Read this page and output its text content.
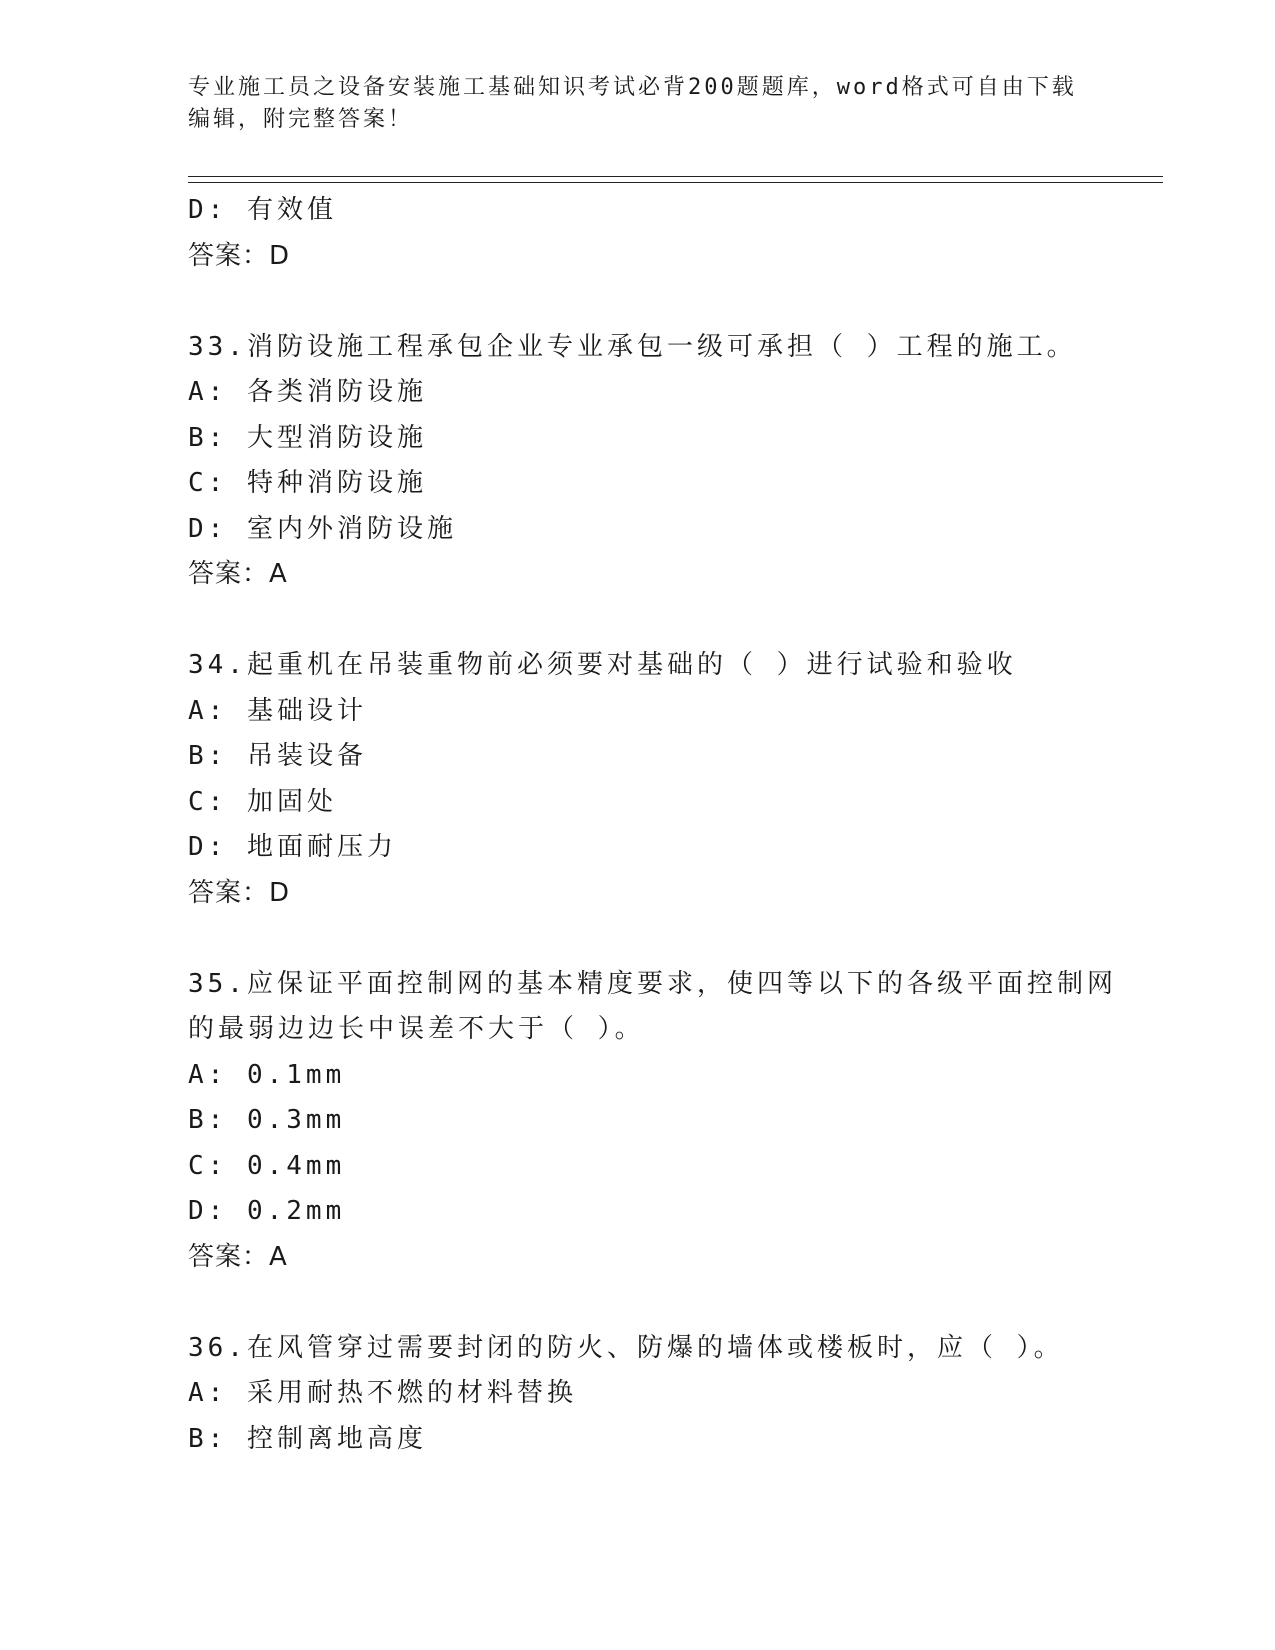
专业施工员之设备安装施工基础知识考试必背200题题库，word格式可自由下载
编辑，附完整答案！
D: 有效值
答案：D
33.消防设施工程承包企业专业承包一级可承担（ ）工程的施工。
A: 各类消防设施
B: 大型消防设施
C: 特种消防设施
D: 室内外消防设施
答案：A
34.起重机在吊装重物前必须要对基础的（ ）进行试验和验收
A: 基础设计
B: 吊装设备
C: 加固处
D: 地面耐压力
答案：D
35.应保证平面控制网的基本精度要求，使四等以下的各级平面控制网
的最弱边边长中误差不大于（ ）。
A: 0.1mm
B: 0.3mm
C: 0.4mm
D: 0.2mm
答案：A
36.在风管穿过需要封闭的防火、防爆的墙体或楼板时，应（ ）。
A: 采用耐热不燃的材料替换
B: 控制离地高度
